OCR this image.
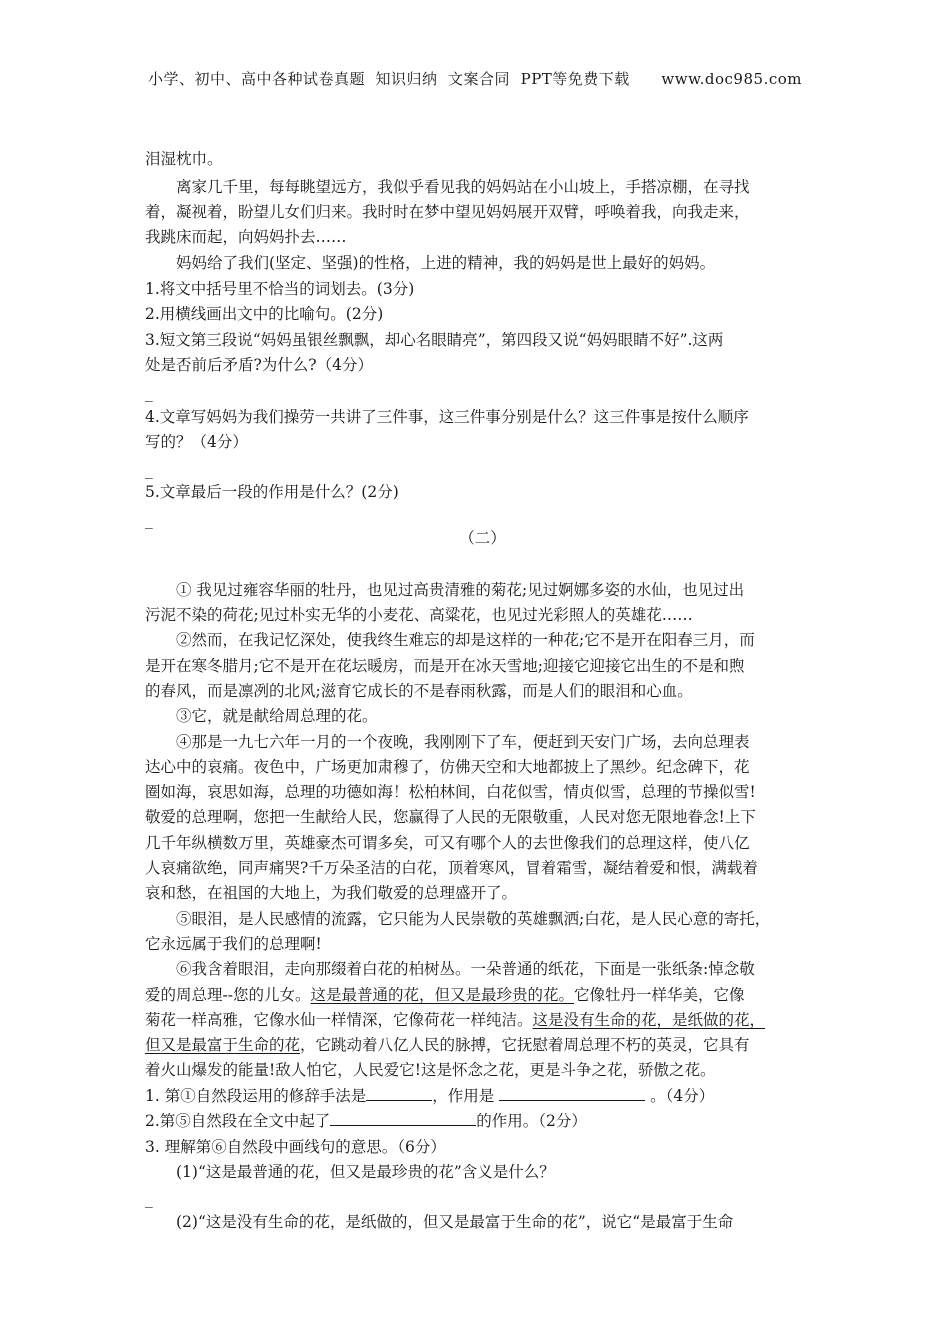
小学、初中、高中各种试卷真题  知识归纳  文案合同  PPT等免费下载      www.doc985.com
泪湿枕巾。
离家几千里，每每眺望远方，我似乎看见我的妈妈站在小山坡上，手搭凉棚，在寻找
着，凝视着，盼望儿女们归来。我时时在梦中望见妈妈展开双臂，呼唤着我，向我走来，
我跳床而起，向妈妈扑去……
妈妈给了我们(坚定、坚强)的性格，上进的精神，我的妈妈是世上最好的妈妈。
1.将文中括号里不恰当的词划去。(3分)
2.用横线画出文中的比喻句。(2分)
3.短文第三段说“妈妈虽银丝飘飘，却心名眼睛亮”，第四段又说“妈妈眼睛不好”.这两
处是否前后矛盾?为什么?（4分）
_
4.文章写妈妈为我们操劳一共讲了三件事，这三件事分别是什么？这三件事是按什么顺序
写的？（4分）
_
5.文章最后一段的作用是什么？(2分)
_
（二）
① 我见过雍容华丽的牡丹，也见过高贵清雅的菊花;见过婀娜多姿的水仙，也见过出
污泥不染的荷花;见过朴实无华的小麦花、高粱花，也见过光彩照人的英雄花……
②然而，在我记忆深处，使我终生难忘的却是这样的一种花;它不是开在阳春三月，而
是开在寒冬腊月;它不是开在花坛暖房，而是开在冰天雪地;迎接它迎接它出生的不是和煦
的春风，而是凛冽的北风;滋育它成长的不是春雨秋露，而是人们的眼泪和心血。
③它，就是献给周总理的花。
④那是一九七六年一月的一个夜晚，我刚刚下了车，便赶到天安门广场，去向总理表
达心中的哀痛。夜色中，广场更加肃穆了，仿佛天空和大地都披上了黑纱。纪念碑下，花
圈如海，哀思如海，总理的功德如海！松柏林间，白花似雪，情贞似雪，总理的节操似雪!
敬爱的总理啊，您把一生献给人民，您赢得了人民的无限敬重，人民对您无限地眷念!上下
几千年纵横数万里，英雄豪杰可谓多矣，可又有哪个人的去世像我们的总理这样，使八亿
人哀痛欲绝，同声痛哭?千万朵圣洁的白花，顶着寒风，冒着霜雪，凝结着爱和恨，满载着
哀和愁，在祖国的大地上，为我们敬爱的总理盛开了。
⑤眼泪，是人民感情的流露，它只能为人民崇敬的英雄飘洒;白花，是人民心意的寄托，
它永远属于我们的总理啊!
⑥我含着眼泪，走向那缀着白花的柏树丛。一朵普通的纸花，下面是一张纸条:悼念敬
爱的周总理--您的儿女。这是最普通的花，但又是最珍贵的花。它像牡丹一样华美，它像
菊花一样高雅，它像水仙一样情深，它像荷花一样纯洁。这是没有生命的花，是纸做的花，
但又是最富于生命的花，它跳动着八亿人民的脉搏，它抚慰着周总理不朽的英灵，它具有
着火山爆发的能量!敌人怕它，人民爱它!这是怀念之花，更是斗争之花，骄傲之花。
1. 第①自然段运用的修辞手法是	，作用是	。（4分）
2.第⑤自然段在全文中起了	的作用。（2分）
3. 理解第⑥自然段中画线句的意思。（6分）
(1)“这是最普通的花，但又是最珍贵的花”含义是什么？
_
(2)“这是没有生命的花，是纸做的，但又是最富于生命的花”，说它“是最富于生命
